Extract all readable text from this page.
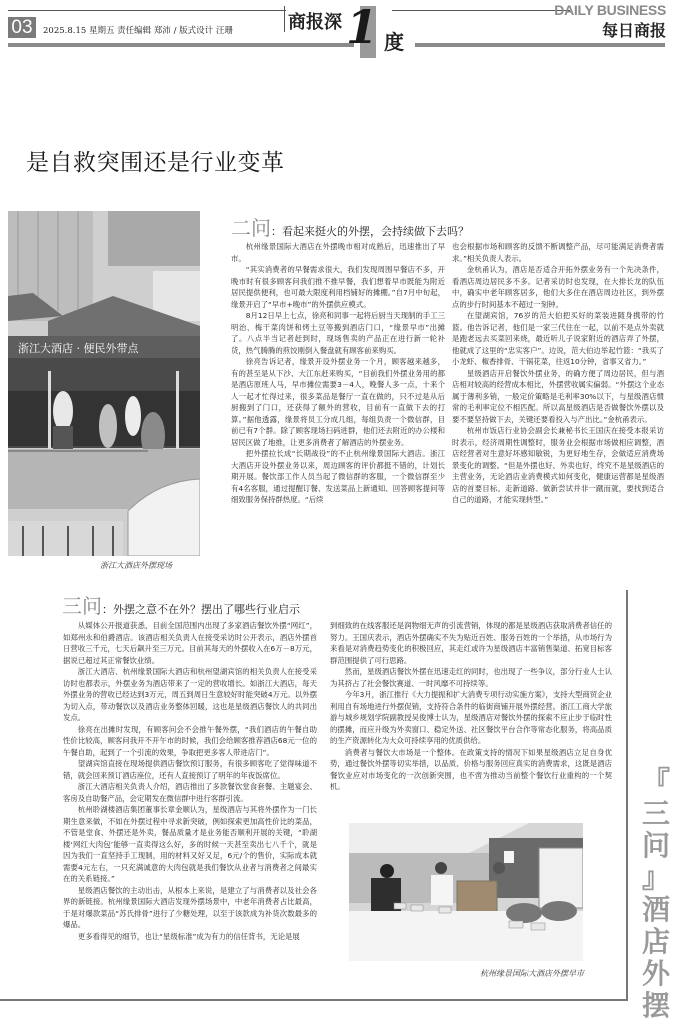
03	2025.8.15 星期五 责任编辑 郑沛 / 版式设计 汪珊	商报深 1 度
DAILY BUSINESS
每日商报
是自救突围还是行业变革
浙江大酒店 · 便民外带点
浙江大酒店外摆现场
二问：看起来挺火的外摆，会持续做下去吗？

杭州缘景国际大酒店在外摆晚市相对成熟后，迅速推出了早市。

“其实消费者的早餐需求很大，我们发现周围早餐店不多，开晚市时有很多顾客问我们推不推早餐，我们想着早市既能为附近居民提供便利，也可最大限度利用档铺好的摊棚。”自7月中旬起，缘景开启了“早市+晚市”的外摆供应模式。

8月12日早上七点，徐亮和同事一起将后厨当天现制的手工三明治、梅干菜肉饼和烤土豆等搬到酒店门口，“缘景早市”出摊了。八点半当记者赶到时，现场售卖的产品正在进行新一轮补货，热气腾腾的煎饺刚倒入餐盘就有顾客前来购买。

徐亮告诉记者，缘景开设外摆业务一个月，顾客越来越多，有的甚至是从下沙、大江东赶来购买，“目前我们外摆业务用的都是酒店原班人马，早市摊位需要3－4人，晚餐人多一点，十来个人一起才忙得过来，很多菜品是餐厅一直在做的，只不过是从后厨搬到了门口，还获得了额外的营收，目前有一直做下去的打算。”据他透露，缘景将员工分成几组，每组负责一个微信群，目前已有7个群。除了顾客现场扫码进群，他们还去附近的办公楼和居民区做了地推，让更多消费者了解酒店的外摆业务。

把外摆拉长成“长期战役”的不止杭州缘景国际大酒店。浙江大酒店开设外摆业务以来，周边顾客的评价都挺不错的，计划长期开展。餐饮部工作人员当起了微信群的客服，一个微信群至少有4名客服，通过提醒订餐、发送菜品上新通知、回答顾客提问等细致服务保持群热度。“后续

也会根据市场和顾客的反馈不断调整产品，尽可能满足消费者需求。”相关负责人表示。

金杭甬认为，酒店是否适合开拓外摆业务有一个先决条件，看酒店周边居民多不多。记者采访时也发现，在大排长龙的队伍中，确实中老年顾客居多，他们大多住在酒店周边社区，到外摆点的步行时间基本不超过一刻钟。

在望湖宾馆，76岁的范大伯把买好的菜装进随身携带的竹篮。他告诉记者，他们是一家三代住在一起，以前不是点外卖就是跑老远去买菜回来烧，最近听儿子说家附近的酒店弄了外摆，他就成了这里的“忠实客户”。边说，范大伯边举起竹篮：“我买了小龙虾、椒香排骨、干锅花菜，往返10分钟，省事又省力。”

星级酒店开启餐饮外摆业务，的确方便了周边居民，但与酒店相对较高的经营成本相比，外摆营收属实偏弱。“外摆这个业态属于薄利多销，一般定价策略是毛利率30%以下，与星级酒店惯常的毛利率定位不相匹配。所以高星级酒店是否做餐饮外摆以及要不要坚持做下去，关键还要看投入与产出比。”金杭甬表示。

杭州市饭店行业协会副会长兼秘书长王国庆在接受本报采访时表示，经济周期性调整时，服务业会根据市场做相应调整，酒店经营者对生意好坏感知敏锐，为更好地生存，会做适应消费场景变化的调整。“但是外摆也好、外卖也好，终究不是星级酒店的主营业务，无论酒店业消费模式如何变化，健康运营都是星级酒店的首要目标。走新道路、做新尝试并非一蹴而就，要找到适合自己的道路，才能实现转型。”

三问：外摆之意不在外？摆出了哪些行业启示

从媒体公开报道获悉，目前全国范围内出现了多家酒店餐饮外摆“网红”，如郑州永和伯爵酒店。该酒店相关负责人在接受采访时公开表示，酒店外摆首日营收三千元，七天后飙升至三万元。目前其每天的外摆收入在6万－8万元，据说已超过其正常餐饮业绩。

浙江大酒店、杭州缘景国际大酒店和杭州望湖宾馆的相关负责人在接受采访时也都表示，外摆业务为酒店带来了一定的营收增长。如浙江大酒店，每天外摆业务的营收已经达到3万元，周五到周日生意较好时能突破4万元。以外摆为切入点，带动餐饮以及酒店业务整体回暖，这也是星级酒店餐饮人的共同出发点。

徐亮在出摊时发现，有顾客问会不会推午餐外摆，“我们酒店的午餐自助性价比较高，顾客问我开不开午市的时候，我们会给顾客推荐酒店68元一位的午餐自助，起到了一个引流的效果，争取把更多客人带进店门”。

望湖宾馆直接在现场提供酒店餐饮预订服务，有很多顾客吃了觉得味道不错，就会回来预订酒店座位，还有人直接预订了明年的年夜饭席位。

浙江大酒店相关负责人介绍，酒店推出了多款餐饮堂食套餐、主题宴会、客房及自助餐产品，会定期发在微信群中进行客群引流。

杭州聆湖楼酒店集团董事长章金顺认为，星级酒店与其将外摆作为一门长期生意来做，不如在外摆过程中寻求新突破，例如探索更加高性价比的菜品，不管是堂食、外摆还是外卖，餐品质量才是业务能否顺利开展的关键，“聆湖楼‘网红大肉包’能够一直卖得这么好，多的时候一天甚至卖出七八千个，就是因为我们一直坚持手工现制，用的材料又好又足，6元/个的售价，实际成本就需要4元左右，一只充满诚意的大肉包就是我们餐饮从业者与消费者之间最实在的关系链接。”

星级酒店餐饮的主动出击，从根本上来说，是建立了与消费者以及社会各界的新链接。杭州缘景国际大酒店发现外摆场景中，中老年消费者占比最高，于是对爆款菜品“苏氏排骨”进行了少糖处理，以至于该款成为补货次数最多的爆品。

更多看得见的细节，也让“星级标准”成为有力的信任背书，无论是展

到细致的在线客服还是润物细无声的引流营销，体现的都是星级酒店获取消费者信任的努力。王国庆表示，酒店外摆确实不失为贴近百姓、服务百姓的一个举措，从市场行为来看是对消费趋势变化的积极回应，其走红或许为星级酒店丰富销售渠道、拓宽目标客群范围提供了可行思路。

然而，星级酒店餐饮外摆在迅速走红的同时，也出现了一些争议，部分行业人士认为其挤占了社会餐饮赛道、一时风靡不可持续等。

今年3月，浙江推行《大力提振和扩大消费专项行动实施方案》，支持大型商贸企业利用自有场地进行外摆促销，支持符合条件的临街商铺开展外摆经营。浙江工商大学旅游与城乡规划学院副教授吴俊博士认为，星级酒店对餐饮外摆的探索不应止步于临时性的摆摊，而应升级为外卖窗口、稳定外送、社区餐饮平台合作等常态化服务，将高品质的生产资源转化为大众可持续享用的优质供给。

消费者与餐饮大市场是一个整体。在政策支持的情况下如果星级酒店立足自身优势，通过餐饮外摆等切实举措，以品质、价格与服务回应真实的消费需求，这既是酒店餐饮业应对市场变化的一次创新突围，也不啻为推动当前整个餐饮行业重构的一个契机。

杭州缘景国际大酒店外摆早市
『
三
问
』
酒
店
外
摆
